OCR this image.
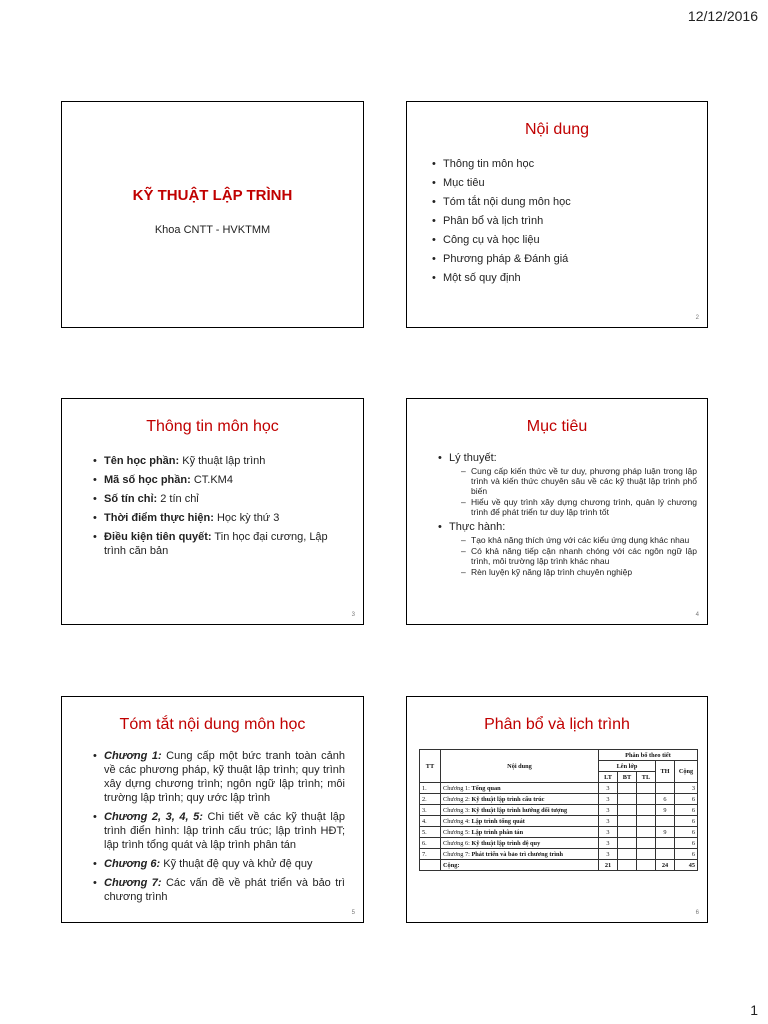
12/12/2016
KỸ THUẬT LẬP TRÌNH
Khoa CNTT - HVKTMM
Nội dung
• Thông tin môn học
• Mục tiêu
• Tóm tắt nội dung môn học
• Phân bổ và lịch trình
• Công cụ và học liệu
• Phương pháp & Đánh giá
• Một số quy định
2
Thông tin môn học
• Tên học phần: Kỹ thuật lập trình
• Mã số học phần: CT.KM4
• Số tín chỉ: 2 tín chỉ
• Thời điểm thực hiện: Học kỳ thứ 3
• Điều kiện tiên quyết: Tin học đại cương, Lập trình căn bản
3
Mục tiêu
• Lý thuyết:
– Cung cấp kiến thức về tư duy, phương pháp luận trong lập trình và kiến thức chuyên sâu về các kỹ thuật lập trình phổ biến
– Hiểu về quy trình xây dựng chương trình, quản lý chương trình để phát triển tư duy lập trình tốt
• Thực hành:
– Tạo khả năng thích ứng với các kiểu ứng dụng khác nhau
– Có khả năng tiếp cận nhanh chóng với các ngôn ngữ lập trình, môi trường lập trình khác nhau
– Rèn luyện kỹ năng lập trình chuyên nghiệp
4
Tóm tắt nội dung môn học
• Chương 1: Cung cấp một bức tranh toàn cảnh về các phương pháp, kỹ thuật lập trình; quy trình xây dựng chương trình; ngôn ngữ lập trình; môi trường lập trình; quy ước lập trình
• Chương 2, 3, 4, 5: Chi tiết về các kỹ thuật lập trình điển hình: lập trình cấu trúc; lập trình HĐT; lập trình tổng quát và lập trình phân tán
• Chương 6: Kỹ thuật đệ quy và khử đệ quy
• Chương 7: Các vấn đề về phát triển và bảo trì chương trình
5
Phân bổ và lịch trình
TT	Nội dung	Phân bổ theo tiết				
		Lên lớp			TH	Cộng
		LT	BT	TL		
1.	Chương 1: Tổng quan	3				3
2.	Chương 2: Kỹ thuật lập trình cấu trúc	3			6	6
3.	Chương 3: Kỹ thuật lập trình hướng đối tượng	3			9	6
4.	Chương 4: Lập trình tổng quát	3				6
5.	Chương 5: Lập trình phân tán	3			9	6
6.	Chương 6: Kỹ thuật lập trình đệ quy	3				6
7.	Chương 7: Phát triển và bảo trì chương trình	3				6
	Cộng:	21			24	45
6
1
